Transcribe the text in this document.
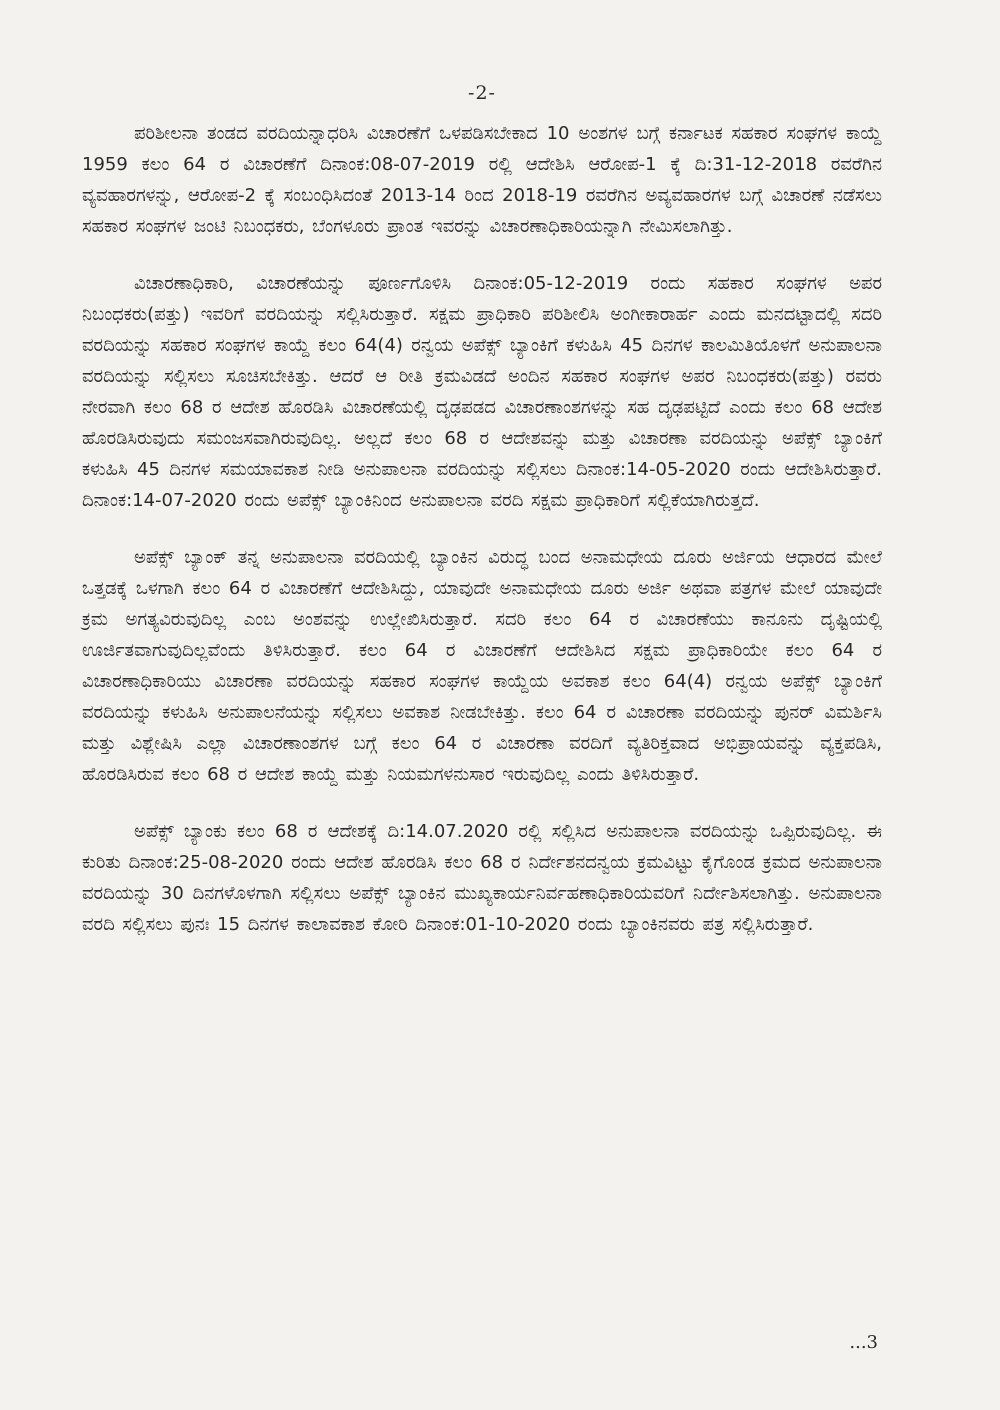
-2-

ಪರಿಶೀಲನಾ ತಂಡದ ವರದಿಯನ್ನಾಧರಿಸಿ ವಿಚಾರಣೆಗೆ ಒಳಪಡಿಸಬೇಕಾದ 10 ಅಂಶಗಳ ಬಗ್ಗೆ ಕರ್ನಾಟಕ ಸಹಕಾರ ಸಂಘಗಳ ಕಾಯ್ದೆ 1959 ಕಲಂ 64 ರ ವಿಚಾರಣೆಗೆ ದಿನಾಂಕ:08-07-2019 ರಲ್ಲಿ ಆದೇಶಿಸಿ ಆರೋಪ-1 ಕ್ಕೆ ದಿ:31-12-2018 ರವರೆಗಿನ ವ್ಯವಹಾರಗಳನ್ನು, ಆರೋಪ-2 ಕ್ಕೆ ಸಂಬಂಧಿಸಿದಂತೆ 2013-14 ರಿಂದ 2018-19 ರವರೆಗಿನ ಅವ್ಯವಹಾರಗಳ ಬಗ್ಗೆ ವಿಚಾರಣೆ ನಡೆಸಲು ಸಹಕಾರ ಸಂಘಗಳ ಜಂಟಿ ನಿಬಂಧಕರು, ಬೆಂಗಳೂರು ಪ್ರಾಂತ ಇವರನ್ನು ವಿಚಾರಣಾಧಿಕಾರಿಯನ್ನಾಗಿ ನೇಮಿಸಲಾಗಿತ್ತು.

ವಿಚಾರಣಾಧಿಕಾರಿ, ವಿಚಾರಣೆಯನ್ನು ಪೂರ್ಣಗೊಳಿಸಿ ದಿನಾಂಕ:05-12-2019 ರಂದು ಸಹಕಾರ ಸಂಘಗಳ ಅಪರ ನಿಬಂಧಕರು(ಪತ್ತು) ಇವರಿಗೆ ವರದಿಯನ್ನು ಸಲ್ಲಿಸಿರುತ್ತಾರೆ. ಸಕ್ಷಮ ಪ್ರಾಧಿಕಾರಿ ಪರಿಶೀಲಿಸಿ ಅಂಗೀಕಾರಾರ್ಹ ಎಂದು ಮನದಟ್ಟಾದಲ್ಲಿ ಸದರಿ ವರದಿಯನ್ನು ಸಹಕಾರ ಸಂಘಗಳ ಕಾಯ್ದೆ ಕಲಂ 64(4) ರನ್ವಯ ಅಪೆಕ್ಸ್ ಬ್ಯಾಂಕಿಗೆ ಕಳುಹಿಸಿ 45 ದಿನಗಳ ಕಾಲಮಿತಿಯೊಳಗೆ ಅನುಪಾಲನಾ ವರದಿಯನ್ನು ಸಲ್ಲಿಸಲು ಸೂಚಿಸಬೇಕಿತ್ತು. ಆದರೆ ಆ ರೀತಿ ಕ್ರಮವಿಡದೆ ಅಂದಿನ ಸಹಕಾರ ಸಂಘಗಳ ಅಪರ ನಿಬಂಧಕರು(ಪತ್ತು) ರವರು ನೇರವಾಗಿ ಕಲಂ 68 ರ ಆದೇಶ ಹೊರಡಿಸಿ ವಿಚಾರಣೆಯಲ್ಲಿ ದೃಢಪಡದ ವಿಚಾರಣಾಂಶಗಳನ್ನು ಸಹ ದೃಢಪಟ್ಟಿದೆ ಎಂದು ಕಲಂ 68 ಆದೇಶ ಹೊರಡಿಸಿರುವುದು ಸಮಂಜಸವಾಗಿರುವುದಿಲ್ಲ. ಅಲ್ಲದೆ ಕಲಂ 68 ರ ಆದೇಶವನ್ನು ಮತ್ತು ವಿಚಾರಣಾ ವರದಿಯನ್ನು ಅಪೆಕ್ಸ್ ಬ್ಯಾಂಕಿಗೆ ಕಳುಹಿಸಿ 45 ದಿನಗಳ ಸಮಯಾವಕಾಶ ನೀಡಿ ಅನುಪಾಲನಾ ವರದಿಯನ್ನು ಸಲ್ಲಿಸಲು ದಿನಾಂಕ:14-05-2020 ರಂದು ಆದೇಶಿಸಿರುತ್ತಾರೆ. ದಿನಾಂಕ:14-07-2020 ರಂದು ಅಪೆಕ್ಸ್ ಬ್ಯಾಂಕಿನಿಂದ ಅನುಪಾಲನಾ ವರದಿ ಸಕ್ಷಮ ಪ್ರಾಧಿಕಾರಿಗೆ ಸಲ್ಲಿಕೆಯಾಗಿರುತ್ತದೆ.

ಅಪೆಕ್ಸ್ ಬ್ಯಾಂಕ್ ತನ್ನ ಅನುಪಾಲನಾ ವರದಿಯಲ್ಲಿ ಬ್ಯಾಂಕಿನ ವಿರುದ್ಧ ಬಂದ ಅನಾಮಧೇಯ ದೂರು ಅರ್ಜಿಯ ಆಧಾರದ ಮೇಲೆ ಒತ್ತಡಕ್ಕೆ ಒಳಗಾಗಿ ಕಲಂ 64 ರ ವಿಚಾರಣೆಗೆ ಆದೇಶಿಸಿದ್ದು, ಯಾವುದೇ ಅನಾಮಧೇಯ ದೂರು ಅರ್ಜಿ ಅಥವಾ ಪತ್ರಗಳ ಮೇಲೆ ಯಾವುದೇ ಕ್ರಮ ಅಗತ್ಯವಿರುವುದಿಲ್ಲ ಎಂಬ ಅಂಶವನ್ನು ಉಲ್ಲೇಖಿಸಿರುತ್ತಾರೆ. ಸದರಿ ಕಲಂ 64 ರ ವಿಚಾರಣೆಯು ಕಾನೂನು ದೃಷ್ಟಿಯಲ್ಲಿ ಊರ್ಜಿತವಾಗುವುದಿಲ್ಲವೆಂದು ತಿಳಿಸಿರುತ್ತಾರೆ. ಕಲಂ 64 ರ ವಿಚಾರಣೆಗೆ ಆದೇಶಿಸಿದ ಸಕ್ಷಮ ಪ್ರಾಧಿಕಾರಿಯೇ ಕಲಂ 64 ರ ವಿಚಾರಣಾಧಿಕಾರಿಯು ವಿಚಾರಣಾ ವರದಿಯನ್ನು ಸಹಕಾರ ಸಂಘಗಳ ಕಾಯ್ದೆಯ ಅವಕಾಶ ಕಲಂ 64(4) ರನ್ವಯ ಅಪೆಕ್ಸ್ ಬ್ಯಾಂಕಿಗೆ ವರದಿಯನ್ನು ಕಳುಹಿಸಿ ಅನುಪಾಲನೆಯನ್ನು ಸಲ್ಲಿಸಲು ಅವಕಾಶ ನೀಡಬೇಕಿತ್ತು. ಕಲಂ 64 ರ ವಿಚಾರಣಾ ವರದಿಯನ್ನು ಪುನರ್ ವಿಮರ್ಶಿಸಿ ಮತ್ತು ವಿಶ್ಲೇಷಿಸಿ ಎಲ್ಲಾ ವಿಚಾರಣಾಂಶಗಳ ಬಗ್ಗೆ ಕಲಂ 64 ರ ವಿಚಾರಣಾ ವರದಿಗೆ ವ್ಯತಿರಿಕ್ತವಾದ ಅಭಿಪ್ರಾಯವನ್ನು ವ್ಯಕ್ತಪಡಿಸಿ, ಹೊರಡಿಸಿರುವ ಕಲಂ 68 ರ ಆದೇಶ ಕಾಯ್ದೆ ಮತ್ತು ನಿಯಮಗಳನುಸಾರ ಇರುವುದಿಲ್ಲ ಎಂದು ತಿಳಿಸಿರುತ್ತಾರೆ.

ಅಪೆಕ್ಸ್ ಬ್ಯಾಂಕು ಕಲಂ 68 ರ ಆದೇಶಕ್ಕೆ ದಿ:14.07.2020 ರಲ್ಲಿ ಸಲ್ಲಿಸಿದ ಅನುಪಾಲನಾ ವರದಿಯನ್ನು ಒಪ್ಪಿರುವುದಿಲ್ಲ. ಈ ಕುರಿತು ದಿನಾಂಕ:25-08-2020 ರಂದು ಆದೇಶ ಹೊರಡಿಸಿ ಕಲಂ 68 ರ ನಿರ್ದೇಶನದನ್ವಯ ಕ್ರಮವಿಟ್ಟು ಕೈಗೊಂಡ ಕ್ರಮದ ಅನುಪಾಲನಾ ವರದಿಯನ್ನು 30 ದಿನಗಳೊಳಗಾಗಿ ಸಲ್ಲಿಸಲು ಅಪೆಕ್ಸ್ ಬ್ಯಾಂಕಿನ ಮುಖ್ಯಕಾರ್ಯನಿರ್ವಹಣಾಧಿಕಾರಿಯವರಿಗೆ ನಿರ್ದೇಶಿಸಲಾಗಿತ್ತು. ಅನುಪಾಲನಾ ವರದಿ ಸಲ್ಲಿಸಲು ಪುನಃ 15 ದಿನಗಳ ಕಾಲಾವಕಾಶ ಕೋರಿ ದಿನಾಂಕ:01-10-2020 ರಂದು ಬ್ಯಾಂಕಿನವರು ಪತ್ರ ಸಲ್ಲಿಸಿರುತ್ತಾರೆ.

...3
